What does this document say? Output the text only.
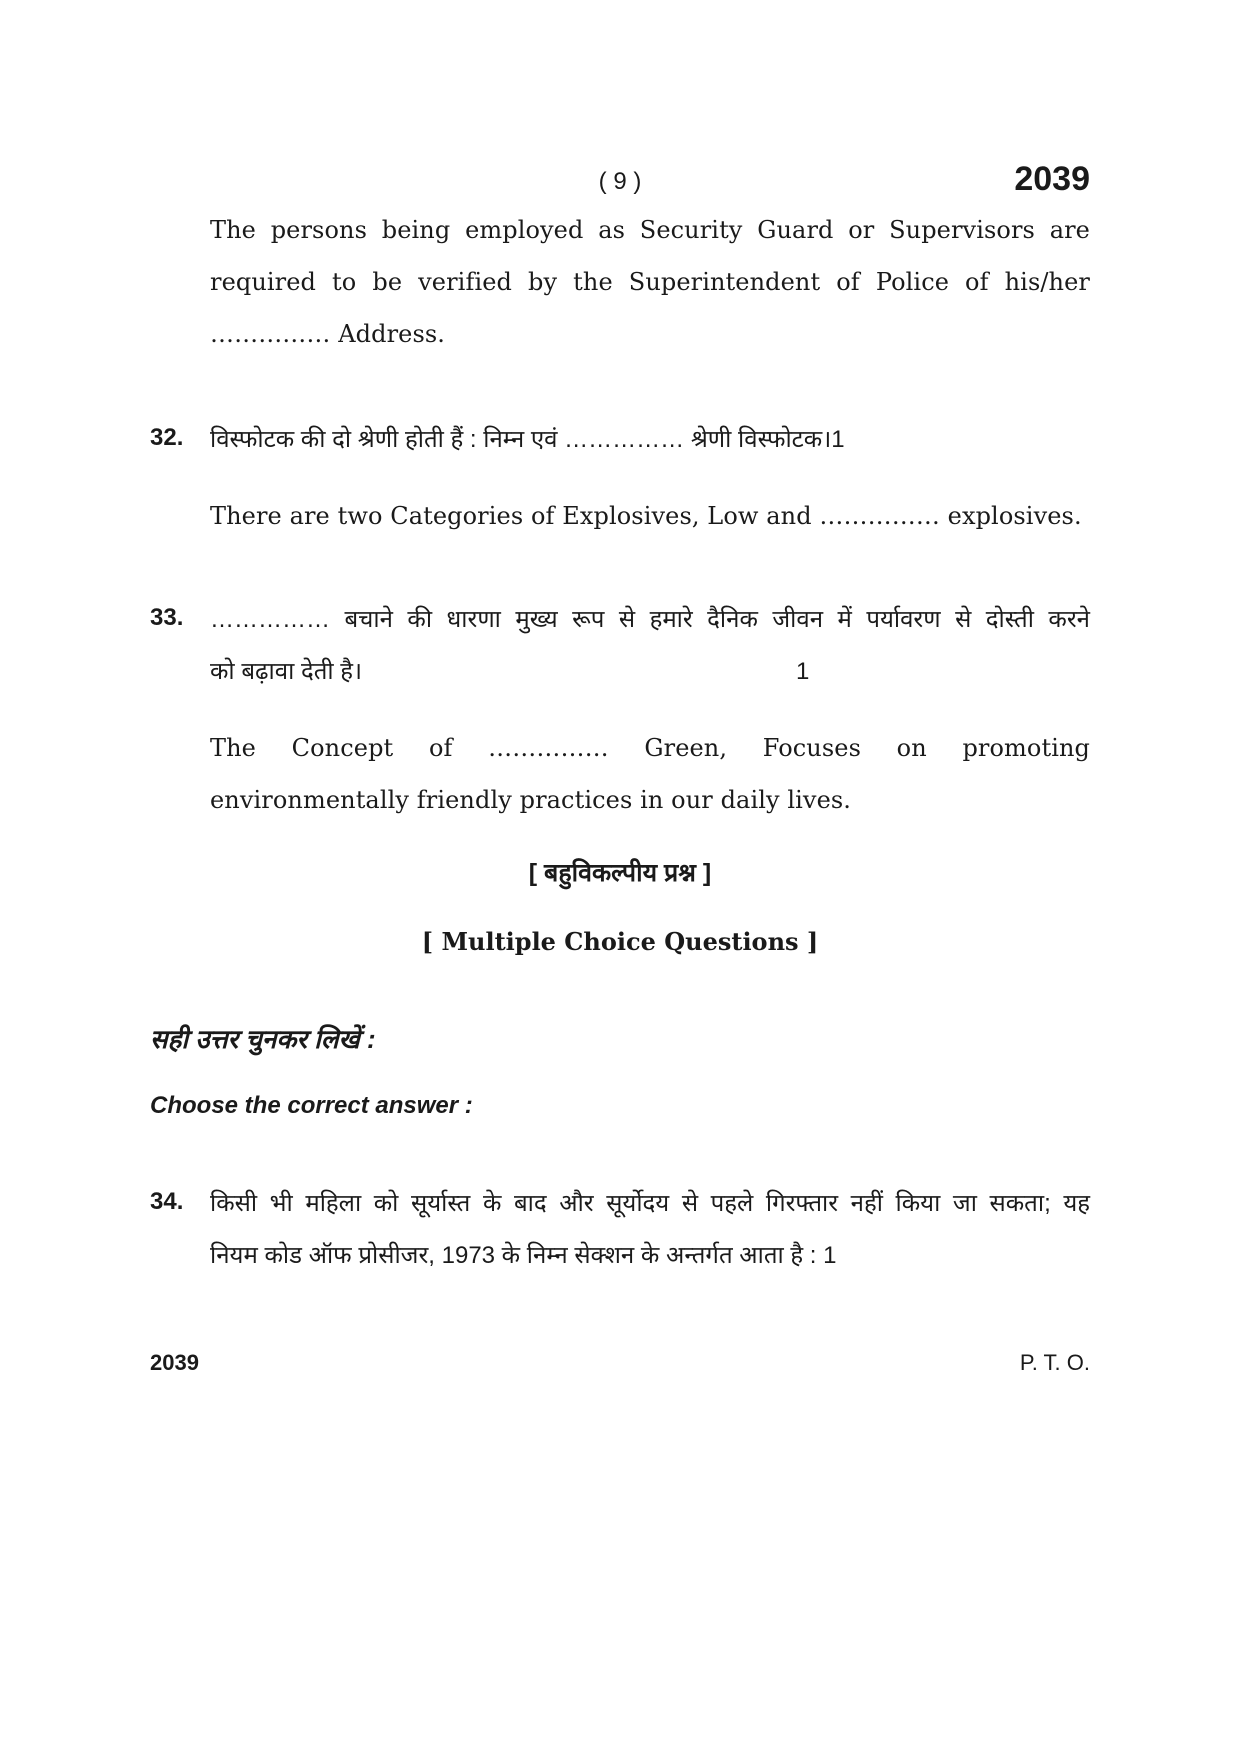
( 9 )	2039
The persons being employed as Security Guard or Supervisors are
required to be verified by the Superintendent of Police of his/her
…………… Address.
32.	विस्फोटक की दो श्रेणी होती हैं : निम्न एवं …………… श्रेणी विस्फोटक।1
There are two Categories of Explosives, Low and …………… explosives.
33.	…………… बचाने की धारणा मुख्य रूप से हमारे दैनिक जीवन में पर्यावरण से दोस्ती करने
को बढ़ावा देती है।	1
The Concept of …………… Green, Focuses on promoting
environmentally friendly practices in our daily lives.
[ बहुविकल्पीय प्रश्न ]
[ Multiple Choice Questions ]
सही उत्तर चुनकर लिखें :
Choose the correct answer :
34.	किसी भी महिला को सूर्यास्त के बाद और सूर्योदय से पहले गिरफ्तार नहीं किया जा सकता; यह
नियम कोड ऑफ प्रोसीजर, 1973 के निम्न सेक्शन के अन्तर्गत आता है : 1
2039	P. T. O.
